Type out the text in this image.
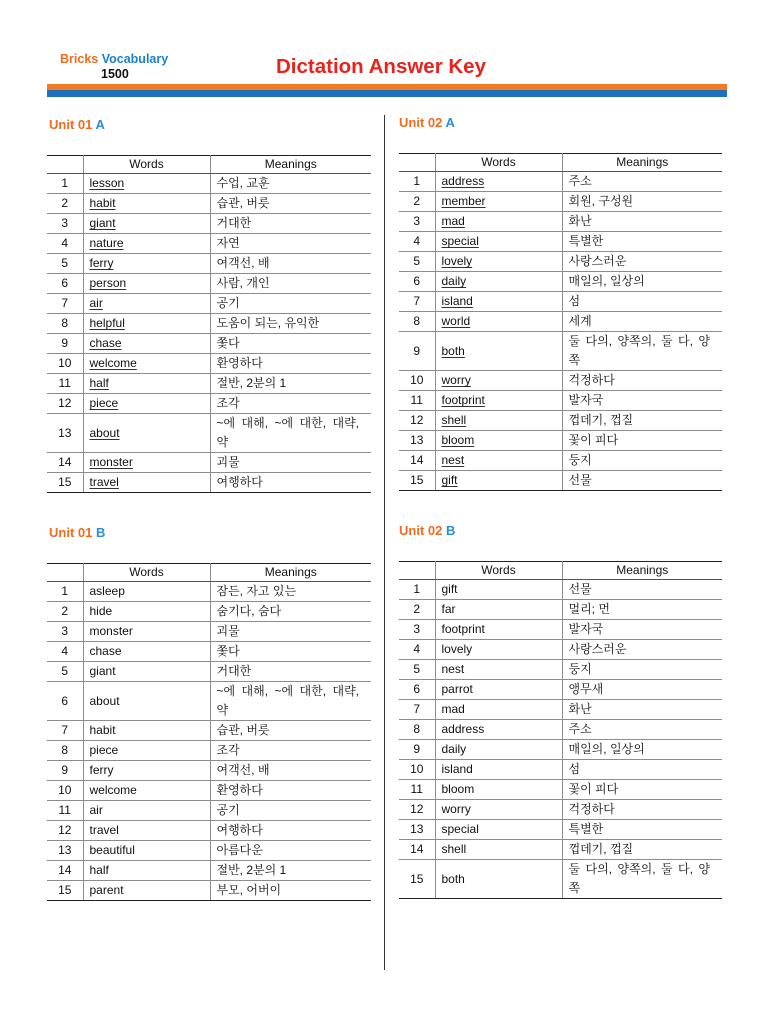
Bricks Vocabulary
1500	Dictation Answer Key
Unit 01 A
	Words	Meanings
1	lesson	수업, 교훈
2	habit	습관, 버릇
3	giant	거대한
4	nature	자연
5	ferry	여객선, 배
6	person	사람, 개인
7	air	공기
8	helpful	도움이 되는, 유익한
9	chase	쫓다
10	welcome	환영하다
11	half	절반, 2분의 1
12	piece	조각
13	about	~에 대해, ~에 대한, 대략, 약
14	monster	괴물
15	travel	여행하다
Unit 02 A
	Words	Meanings
1	address	주소
2	member	회원, 구성원
3	mad	화난
4	special	특별한
5	lovely	사랑스러운
6	daily	매일의, 일상의
7	island	섬
8	world	세계
9	both	둘 다의, 양쪽의, 둘 다, 양쪽
10	worry	걱정하다
11	footprint	발자국
12	shell	껍데기, 껍질
13	bloom	꽃이 피다
14	nest	둥지
15	gift	선물
Unit 01 B
	Words	Meanings
1	asleep	잠든, 자고 있는
2	hide	숨기다, 숨다
3	monster	괴물
4	chase	쫓다
5	giant	거대한
6	about	~에 대해, ~에 대한, 대략, 약
7	habit	습관, 버릇
8	piece	조각
9	ferry	여객선, 배
10	welcome	환영하다
11	air	공기
12	travel	여행하다
13	beautiful	아름다운
14	half	절반, 2분의 1
15	parent	부모, 어버이
Unit 02 B
	Words	Meanings
1	gift	선물
2	far	멀리; 먼
3	footprint	발자국
4	lovely	사랑스러운
5	nest	둥지
6	parrot	앵무새
7	mad	화난
8	address	주소
9	daily	매일의, 일상의
10	island	섬
11	bloom	꽃이 피다
12	worry	걱정하다
13	special	특별한
14	shell	껍데기, 껍질
15	both	둘 다의, 양쪽의, 둘 다, 양쪽
